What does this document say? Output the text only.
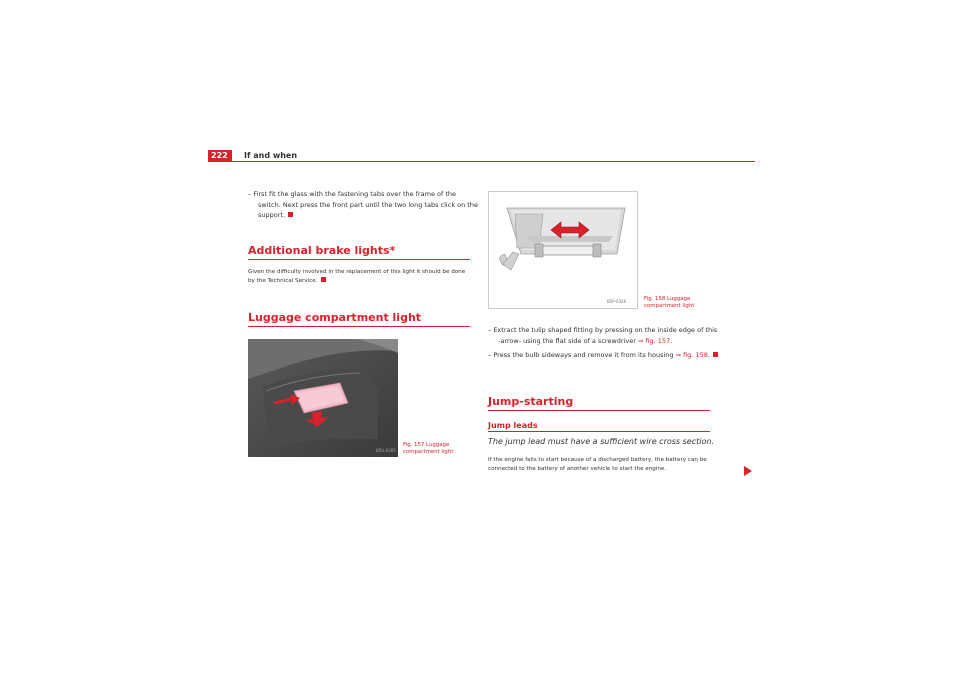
222	If and when
– First fit the glass with the fastening tabs over the frame of the switch. Next press the front part until the two long tabs click on the support.
Additional brake lights*
Given the difficulty involved in the replacement of this light it should be done by the Technical Service.
Luggage compartment light
B5U-0305
Fig. 157 Luggage compartment light
B5P-0346	Fig. 158 Luggage compartment light
– Extract the tulip shaped fitting by pressing on the inside edge of this -arrow- using the flat side of a screwdriver ⇒ fig. 157.
– Press the bulb sideways and remove it from its housing ⇒ fig. 158.
Jump-starting
Jump leads
The jump lead must have a sufficient wire cross section.
If the engine fails to start because of a discharged battery, the battery can be connected to the battery of another vehicle to start the engine.
